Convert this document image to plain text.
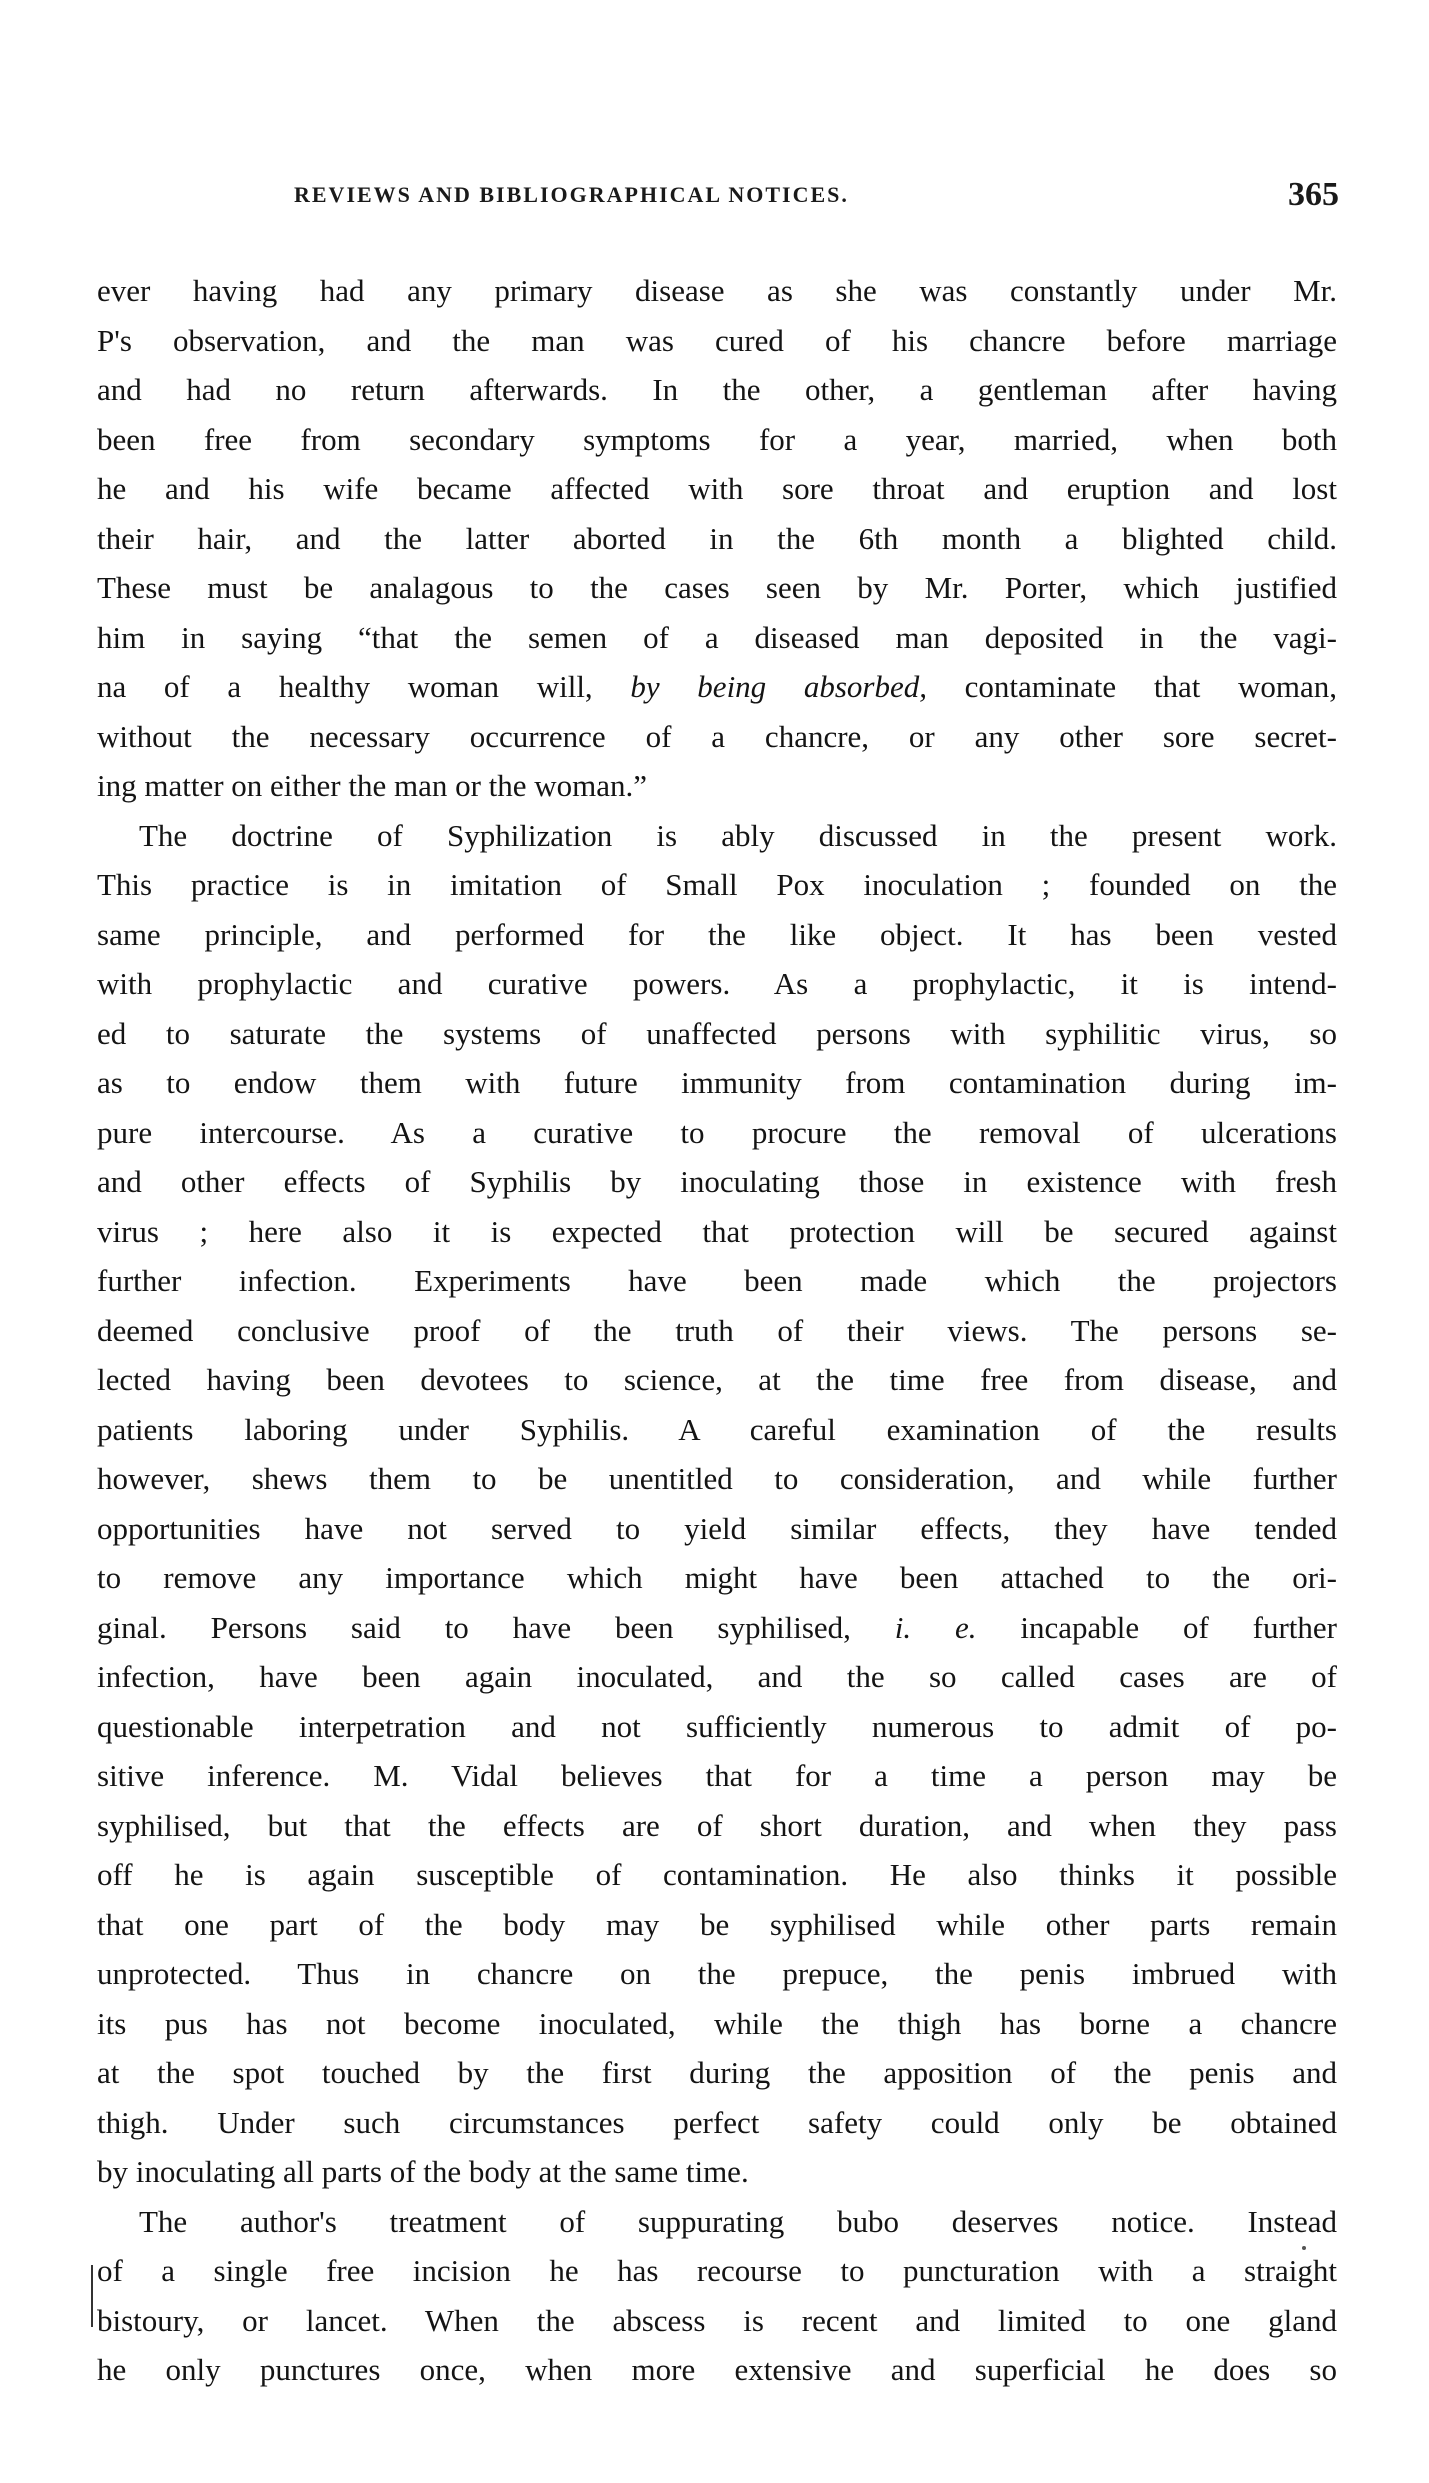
REVIEWS AND BIBLIOGRAPHICAL NOTICES.	365
ever having had any primary disease as she was constantly under Mr.
P's observation, and the man was cured of his chancre before marriage
and had no return afterwards. In the other, a gentleman after having
been free from secondary symptoms for a year, married, when both
he and his wife became affected with sore throat and eruption and lost
their hair, and the latter aborted in the 6th month a blighted child.
These must be analagous to the cases seen by Mr. Porter, which justified
him in saying “that the semen of a diseased man deposited in the vagi-
na of a healthy woman will, by being absorbed, contaminate that woman,
without the necessary occurrence of a chancre, or any other sore secret-
ing matter on either the man or the woman.”
The doctrine of Syphilization is ably discussed in the present work.
This practice is in imitation of Small Pox inoculation ; founded on the
same principle, and performed for the like object. It has been vested
with prophylactic and curative powers. As a prophylactic, it is intend-
ed to saturate the systems of unaffected persons with syphilitic virus, so
as to endow them with future immunity from contamination during im-
pure intercourse. As a curative to procure the removal of ulcerations
and other effects of Syphilis by inoculating those in existence with fresh
virus ; here also it is expected that protection will be secured against
further infection. Experiments have been made which the projectors
deemed conclusive proof of the truth of their views. The persons se-
lected having been devotees to science, at the time free from disease, and
patients laboring under Syphilis. A careful examination of the results
however, shews them to be unentitled to consideration, and while further
opportunities have not served to yield similar effects, they have tended
to remove any importance which might have been attached to the ori-
ginal. Persons said to have been syphilised, i. e. incapable of further
infection, have been again inoculated, and the so called cases are of
questionable interpetration and not sufficiently numerous to admit of po-
sitive inference. M. Vidal believes that for a time a person may be
syphilised, but that the effects are of short duration, and when they pass
off he is again susceptible of contamination. He also thinks it possible
that one part of the body may be syphilised while other parts remain
unprotected. Thus in chancre on the prepuce, the penis imbrued with
its pus has not become inoculated, while the thigh has borne a chancre
at the spot touched by the first during the apposition of the penis and
thigh. Under such circumstances perfect safety could only be obtained
by inoculating all parts of the body at the same time.
The author's treatment of suppurating bubo deserves notice. Instead
of a single free incision he has recourse to puncturation with a straight
bistoury, or lancet. When the abscess is recent and limited to one gland
he only punctures once, when more extensive and superficial he does so
